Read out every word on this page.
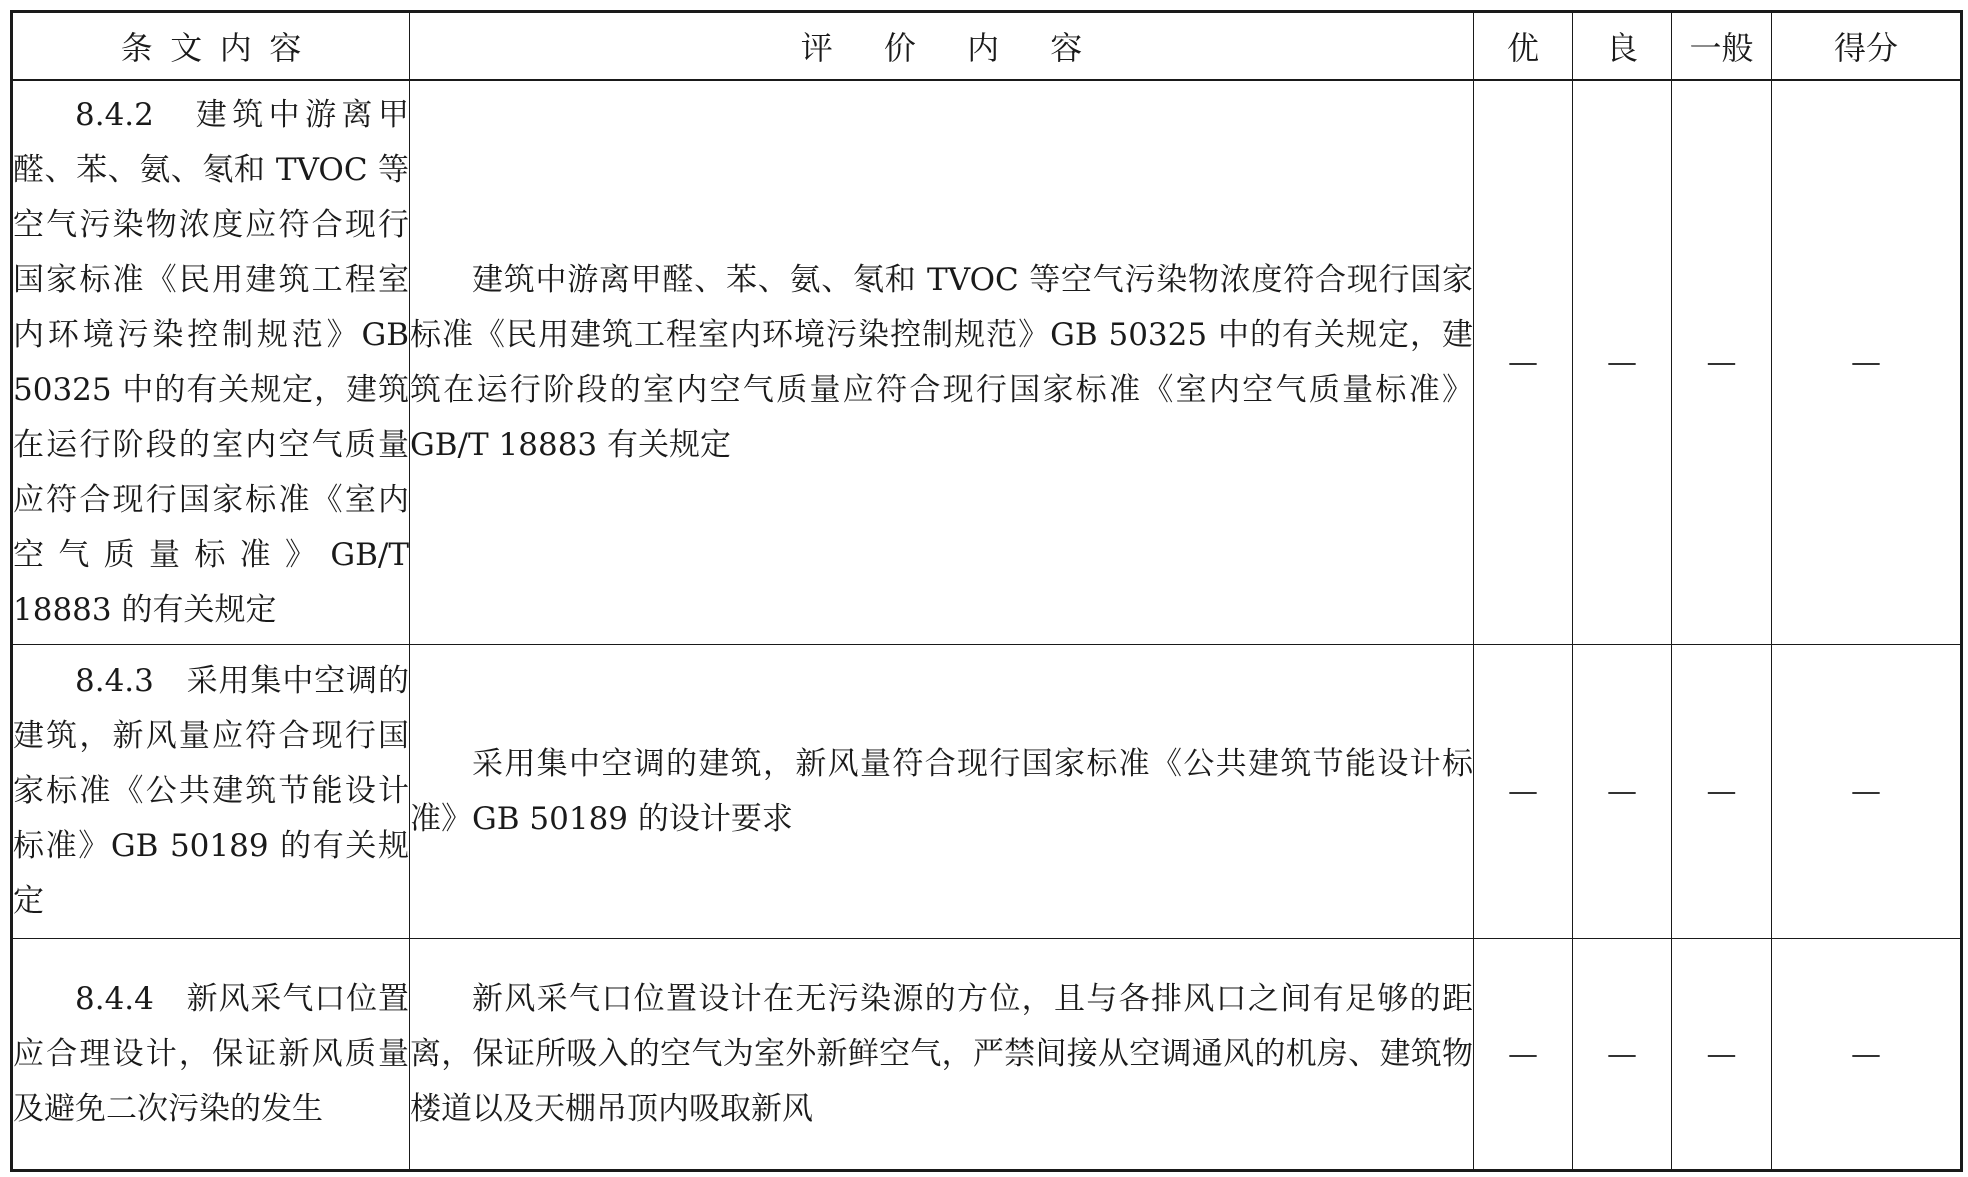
条文内容	评价内容	优	良	一般	得分
8.4.2　建筑中游离甲醛、苯、氨、氡和 TVOC 等空气污染物浓度应符合现行国家标准《民用建筑工程室内环境污染控制规范》GB 50325 中的有关规定，建筑在运行阶段的室内空气质量应符合现行国家标准《室内空气质量标准》GB/T 18883 的有关规定	建筑中游离甲醛、苯、氨、氡和 TVOC 等空气污染物浓度符合现行国家标准《民用建筑工程室内环境污染控制规范》GB 50325 中的有关规定，建筑在运行阶段的室内空气质量应符合现行国家标准《室内空气质量标准》GB/T 18883 有关规定	—	—	—	—
8.4.3　采用集中空调的建筑，新风量应符合现行国家标准《公共建筑节能设计标准》GB 50189 的有关规定	采用集中空调的建筑，新风量符合现行国家标准《公共建筑节能设计标准》GB 50189 的设计要求	—	—	—	—
8.4.4　新风采气口位置应合理设计，保证新风质量及避免二次污染的发生	新风采气口位置设计在无污染源的方位，且与各排风口之间有足够的距离，保证所吸入的空气为室外新鲜空气，严禁间接从空调通风的机房、建筑物楼道以及天棚吊顶内吸取新风	—	—	—	—
